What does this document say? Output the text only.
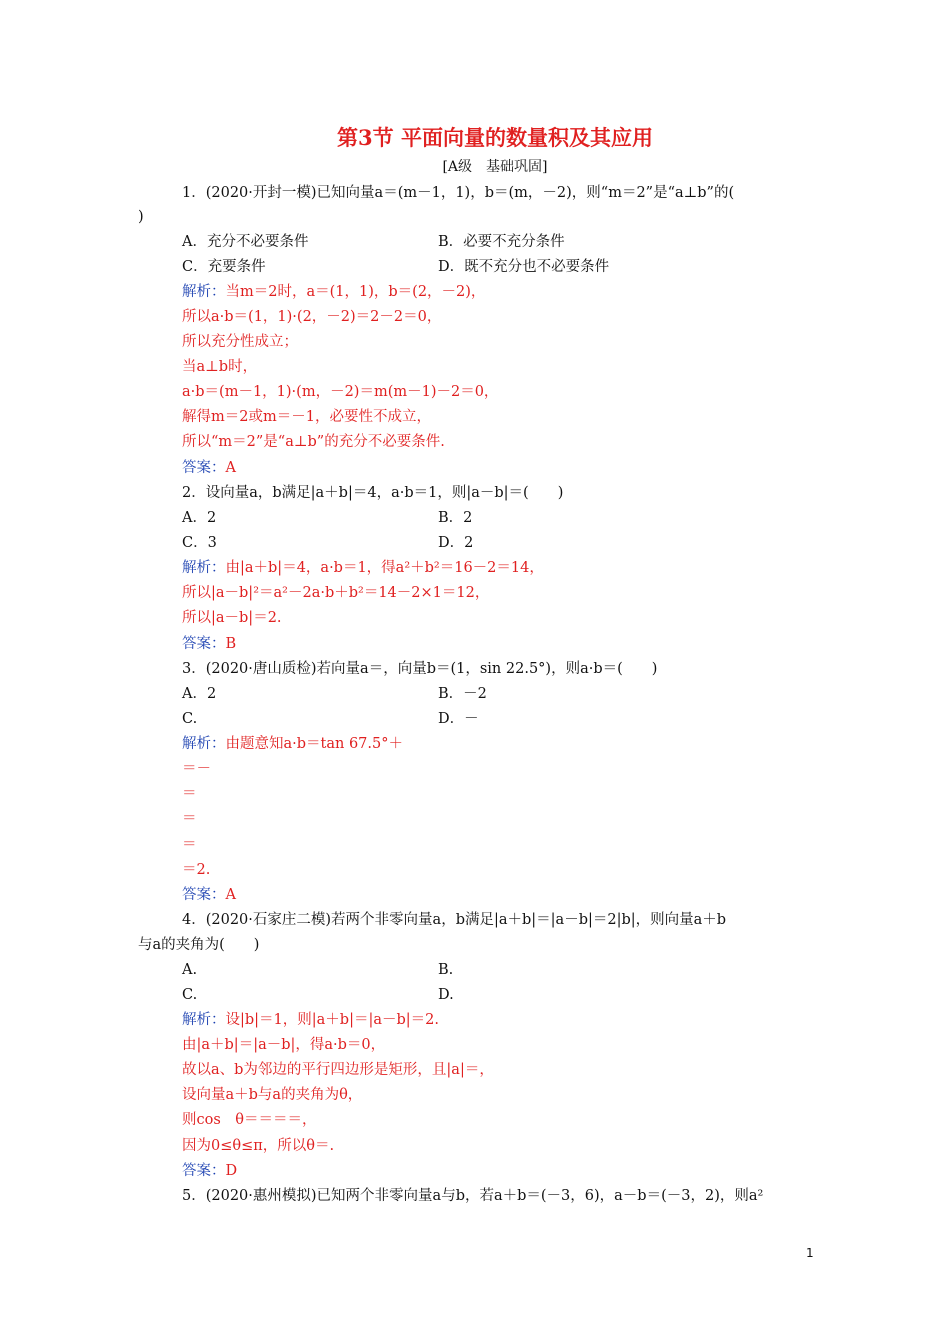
第3节 平面向量的数量积及其应用
[A级　基础巩固]
1．(2020·开封一模)已知向量a＝(m－1，1)，b＝(m，－2)，则“m＝2”是“a⊥b”的(
)
A．充分不必要条件	B．必要不充分条件
C．充要条件	D．既不充分也不必要条件
解析：当m＝2时，a＝(1，1)，b＝(2，－2)，
所以a·b＝(1，1)·(2，－2)＝2－2＝0，
所以充分性成立；
当a⊥b时，
a·b＝(m－1，1)·(m，－2)＝m(m－1)－2＝0，
解得m＝2或m＝－1，必要性不成立，
所以“m＝2”是“a⊥b”的充分不必要条件.
答案：A
2．设向量a，b满足|a＋b|＝4，a·b＝1，则|a－b|＝(　　)
A．2	B．2
C．3	D．2
解析：由|a＋b|＝4，a·b＝1，得a²＋b²＝16－2＝14，
所以|a－b|²＝a²－2a·b＋b²＝14－2×1＝12，
所以|a－b|＝2.
答案：B
3．(2020·唐山质检)若向量a＝，向量b＝(1，sin 22.5°)，则a·b＝(　　)
A．2	B．－2
C.	D．－
解析：由题意知a·b＝tan 67.5°＋
＝－
＝
＝
＝
＝2.
答案：A
4．(2020·石家庄二模)若两个非零向量a，b满足|a＋b|＝|a－b|＝2|b|，则向量a＋b
与a的夹角为(　　)
A.	B.
C.	D.
解析：设|b|＝1，则|a＋b|＝|a－b|＝2.
由|a＋b|＝|a－b|，得a·b＝0，
故以a、b为邻边的平行四边形是矩形，且|a|＝，
设向量a＋b与a的夹角为θ，
则cos　θ＝＝＝＝，
因为0≤θ≤π，所以θ＝.
答案：D
5．(2020·惠州模拟)已知两个非零向量a与b，若a＋b＝(－3，6)，a－b＝(－3，2)，则a²
1
